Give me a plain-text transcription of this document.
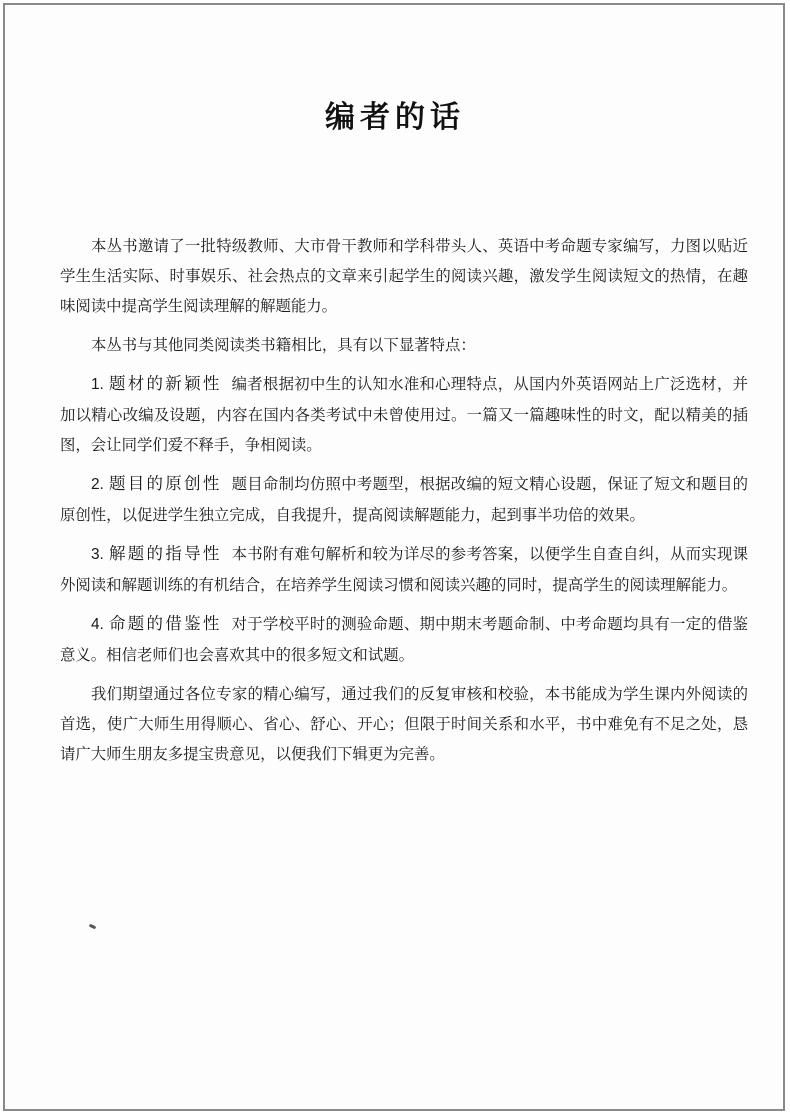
编者的话

本丛书邀请了一批特级教师、大市骨干教师和学科带头人、英语中考命题专家编写，力图以贴近学生生活实际、时事娱乐、社会热点的文章来引起学生的阅读兴趣，激发学生阅读短文的热情，在趣味阅读中提高学生阅读理解的解题能力。

本丛书与其他同类阅读类书籍相比，具有以下显著特点：

1. 题材的新颖性 编者根据初中生的认知水准和心理特点，从国内外英语网站上广泛选材，并加以精心改编及设题，内容在国内各类考试中未曾使用过。一篇又一篇趣味性的时文，配以精美的插图，会让同学们爱不释手，争相阅读。

2. 题目的原创性 题目命制均仿照中考题型，根据改编的短文精心设题，保证了短文和题目的原创性，以促进学生独立完成，自我提升，提高阅读解题能力，起到事半功倍的效果。

3. 解题的指导性 本书附有难句解析和较为详尽的参考答案，以便学生自查自纠，从而实现课外阅读和解题训练的有机结合，在培养学生阅读习惯和阅读兴趣的同时，提高学生的阅读理解能力。

4. 命题的借鉴性 对于学校平时的测验命题、期中期末考题命制、中考命题均具有一定的借鉴意义。相信老师们也会喜欢其中的很多短文和试题。

我们期望通过各位专家的精心编写，通过我们的反复审核和校验，本书能成为学生课内外阅读的首选，使广大师生用得顺心、省心、舒心、开心；但限于时间关系和水平，书中难免有不足之处，恳请广大师生朋友多提宝贵意见，以便我们下辑更为完善。
